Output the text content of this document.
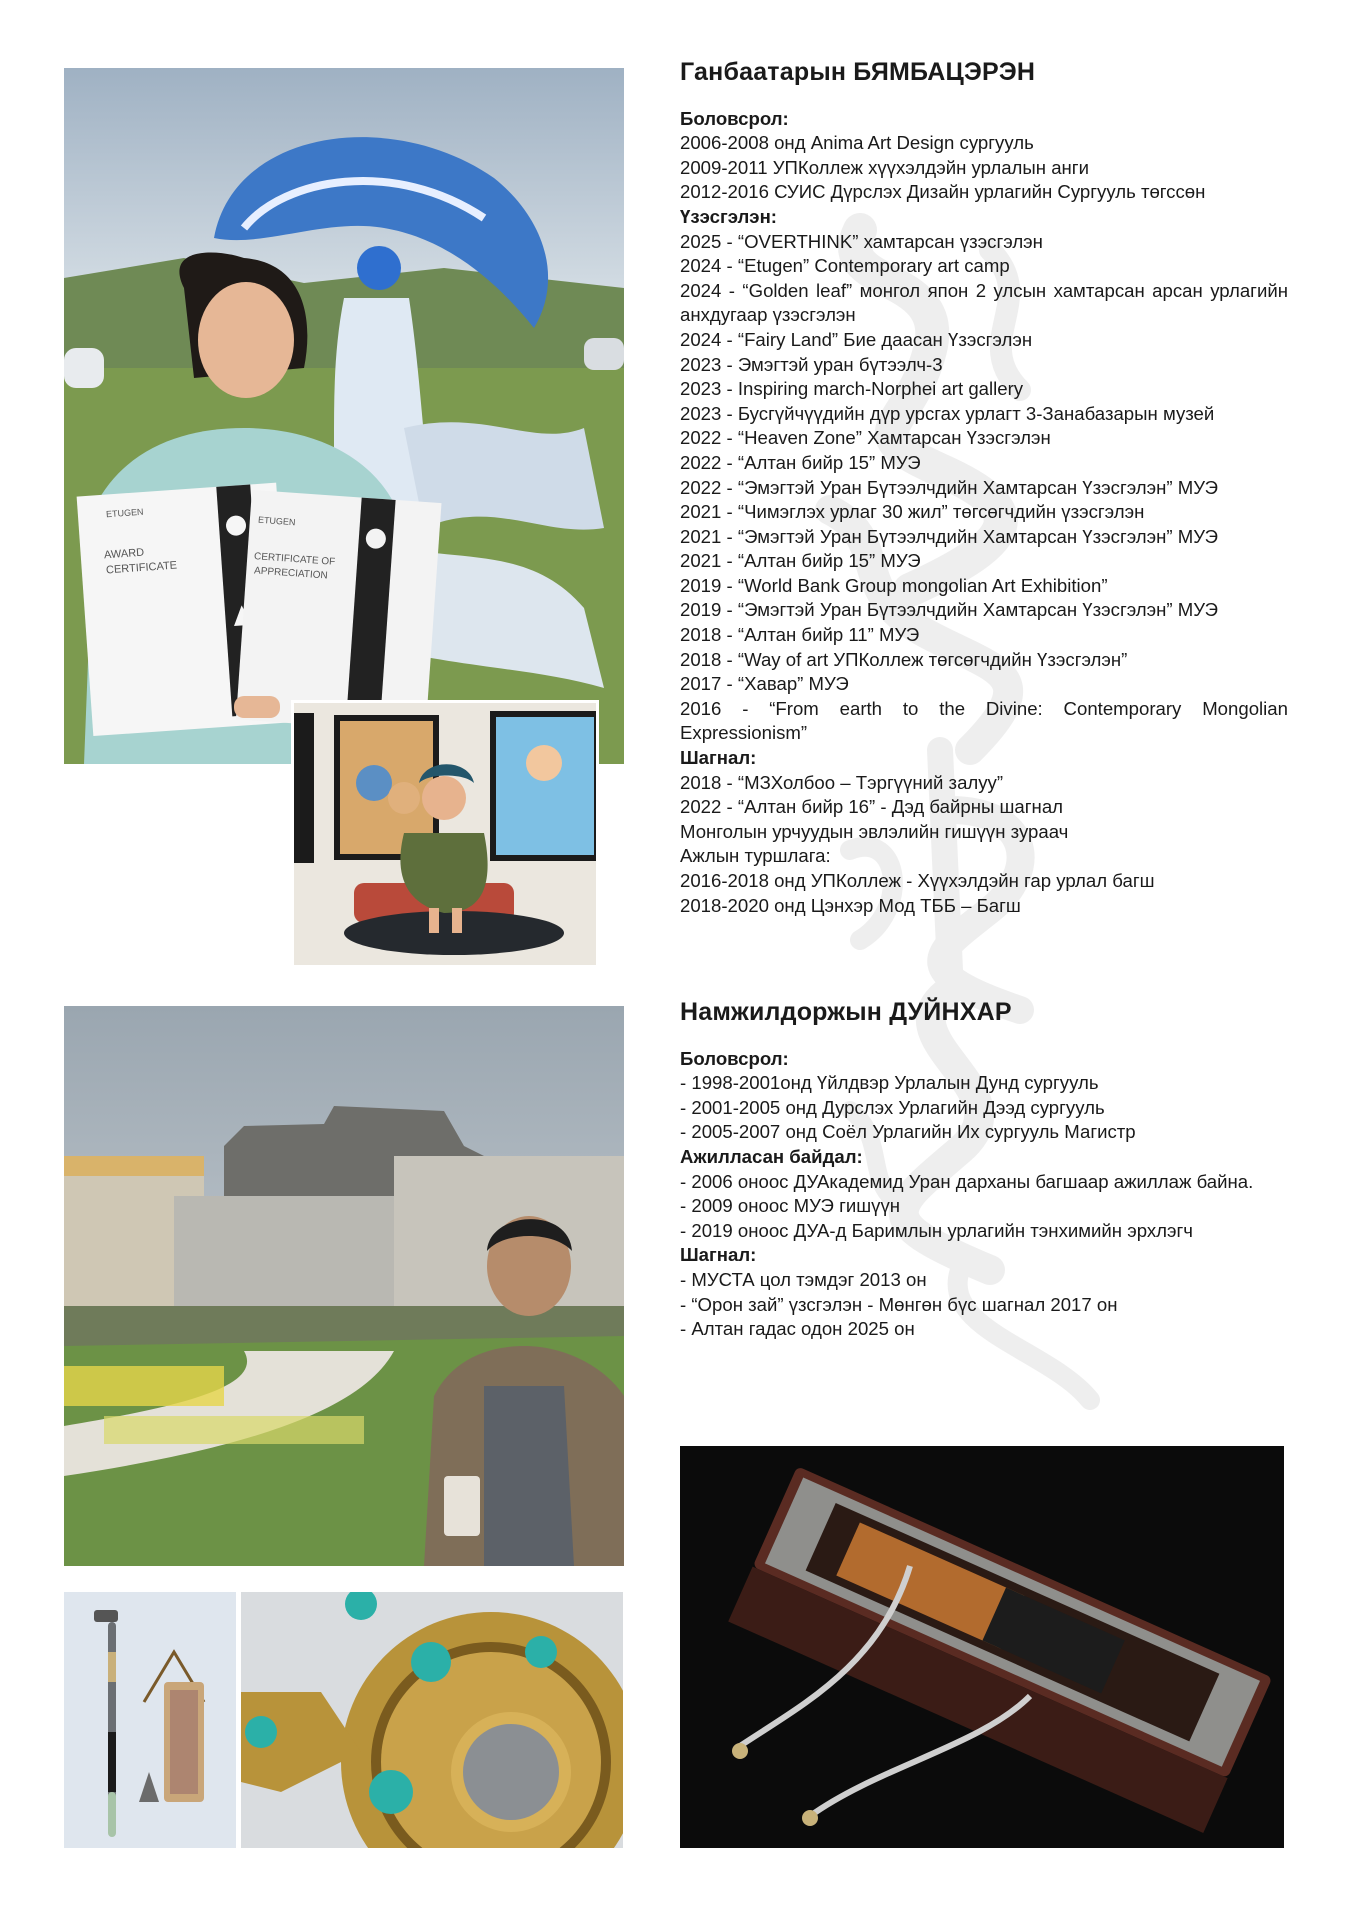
ETUGEN
AWARD
CERTIFICATE
ETUGEN
CERTIFICATE OF
APPRECIATION
Ганбаатарын БЯМБАЦЭРЭН
Боловсрол:
2006-2008 онд Anima Art Design сургууль
2009-2011 УПКоллеж хүүхэлдэйн урлалын анги
2012-2016 СУИС Дүрслэх Дизайн урлагийн Сургууль төгссөн
Үзэсгэлэн:
2025 - “OVERTHINK” хамтарсан үзэсгэлэн
2024 - “Etugen” Contemporary art camp
2024 - “Golden leaf” монгол япон 2 улсын хамтарсан арсан урлагийн анхдугаар үзэсгэлэн
2024 - “Fairy Land” Бие даасан Үзэсгэлэн
2023 - Эмэгтэй уран бүтээлч-3
2023 - Inspiring march-Norphei art gallery
2023 - Бусгүйчүүдийн дүр урсгах урлагт 3-Занабазарын музей
2022 - “Heaven Zone” Хамтарсан Үзэсгэлэн
2022 - “Алтан бийр 15” МУЭ
2022 - “Эмэгтэй Уран Бүтээлчдийн Хамтарсан Үзэсгэлэн” МУЭ
2021 - “Чимэглэх урлаг 30 жил” төгсөгчдийн үзэсгэлэн
2021 - “Эмэгтэй Уран Бүтээлчдийн Хамтарсан Үзэсгэлэн” МУЭ
2021 - “Алтан бийр 15” МУЭ
2019 - “World Bank Group mongolian Art Exhibition”
2019 - “Эмэгтэй Уран Бүтээлчдийн Хамтарсан Үзэсгэлэн” МУЭ
2018 - “Алтан бийр 11” МУЭ
2018 - “Way of art УПКоллеж төгсөгчдийн Үзэсгэлэн”
2017 - “Хавар” МУЭ
2016 - “From earth to the Divine: Contemporary Mongolian Expressionism”
Шагнал:
2018 - “МЗХолбоо – Тэргүүний залуу”
2022 - “Алтан бийр 16” - Дэд байрны шагнал
Монголын урчуудын эвлэлийн гишүүн зураач
Ажлын туршлага:
2016-2018 онд УПКоллеж - Хүүхэлдэйн гар урлал багш
2018-2020 онд Цэнхэр Мод ТББ – Багш
Намжилдоржын ДУЙНХАР
Боловсрол:
- 1998-2001онд Үйлдвэр Урлалын Дунд сургууль
- 2001-2005 онд Дурслэх Урлагийн Дээд сургууль
- 2005-2007 онд Соёл Урлагийн Их сургууль Магистр
Ажилласан байдал:
- 2006 оноос ДУАкадемид Уран дарханы багшаар ажиллаж байна.
- 2009 оноос МУЭ гишүүн
- 2019 оноос ДУА-д Баримлын урлагийн тэнхимийн эрхлэгч
Шагнал:
- МУСТА цол тэмдэг 2013 он
- “Орон зай” үзсгэлэн - Мөнгөн бүс шагнал 2017 он
- Алтан гадас одон 2025 он
